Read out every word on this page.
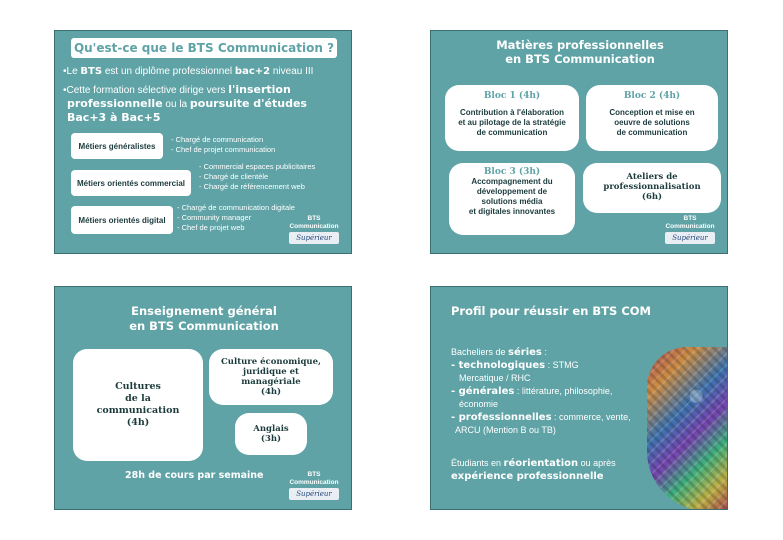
Qu'est-ce que le BTS Communication ?
•Le BTS est un diplôme professionnel bac+2 niveau III
•Cette formation sélective dirige vers l'insertion
professionnelle ou la poursuite d'études
Bac+3 à Bac+5
Métiers généralistes
- Chargé de communication
- Chef de projet communication
Métiers orientés commercial
- Commercial espaces publicitaires
- Chargé de clientèle
- Chargé de référencement web
Métiers orientés digital
- Chargé de communication digitale
- Community manager
- Chef de projet web
BTS
Communication
Supérieur
Matières professionnelles
en BTS Communication
Bloc 1 (4h)
Contribution à l'élaboration
et au pilotage de la stratégie
de communication
Bloc 2 (4h)
Conception et mise en
oeuvre de solutions
de communication
Bloc 3 (3h)
Accompagnement du
développement de
solutions média
et digitales innovantes
Ateliers de
professionnalisation
(6h)
BTS
Communication
Supérieur
Enseignement général
en BTS Communication
Cultures
de la
communication
(4h)
Culture économique,
juridique et
managériale
(4h)
Anglais
(3h)
28h de cours par semaine	BTS
Communication
Supérieur
Profil pour réussir en BTS COM
Bacheliers de séries :
- technologiques : STMG
Mercatique / RHC
- générales : littérature, philosophie,
économie
- professionnelles : commerce, vente,
ARCU (Mention B ou TB)
Étudiants en réorientation ou après
expérience professionnelle
